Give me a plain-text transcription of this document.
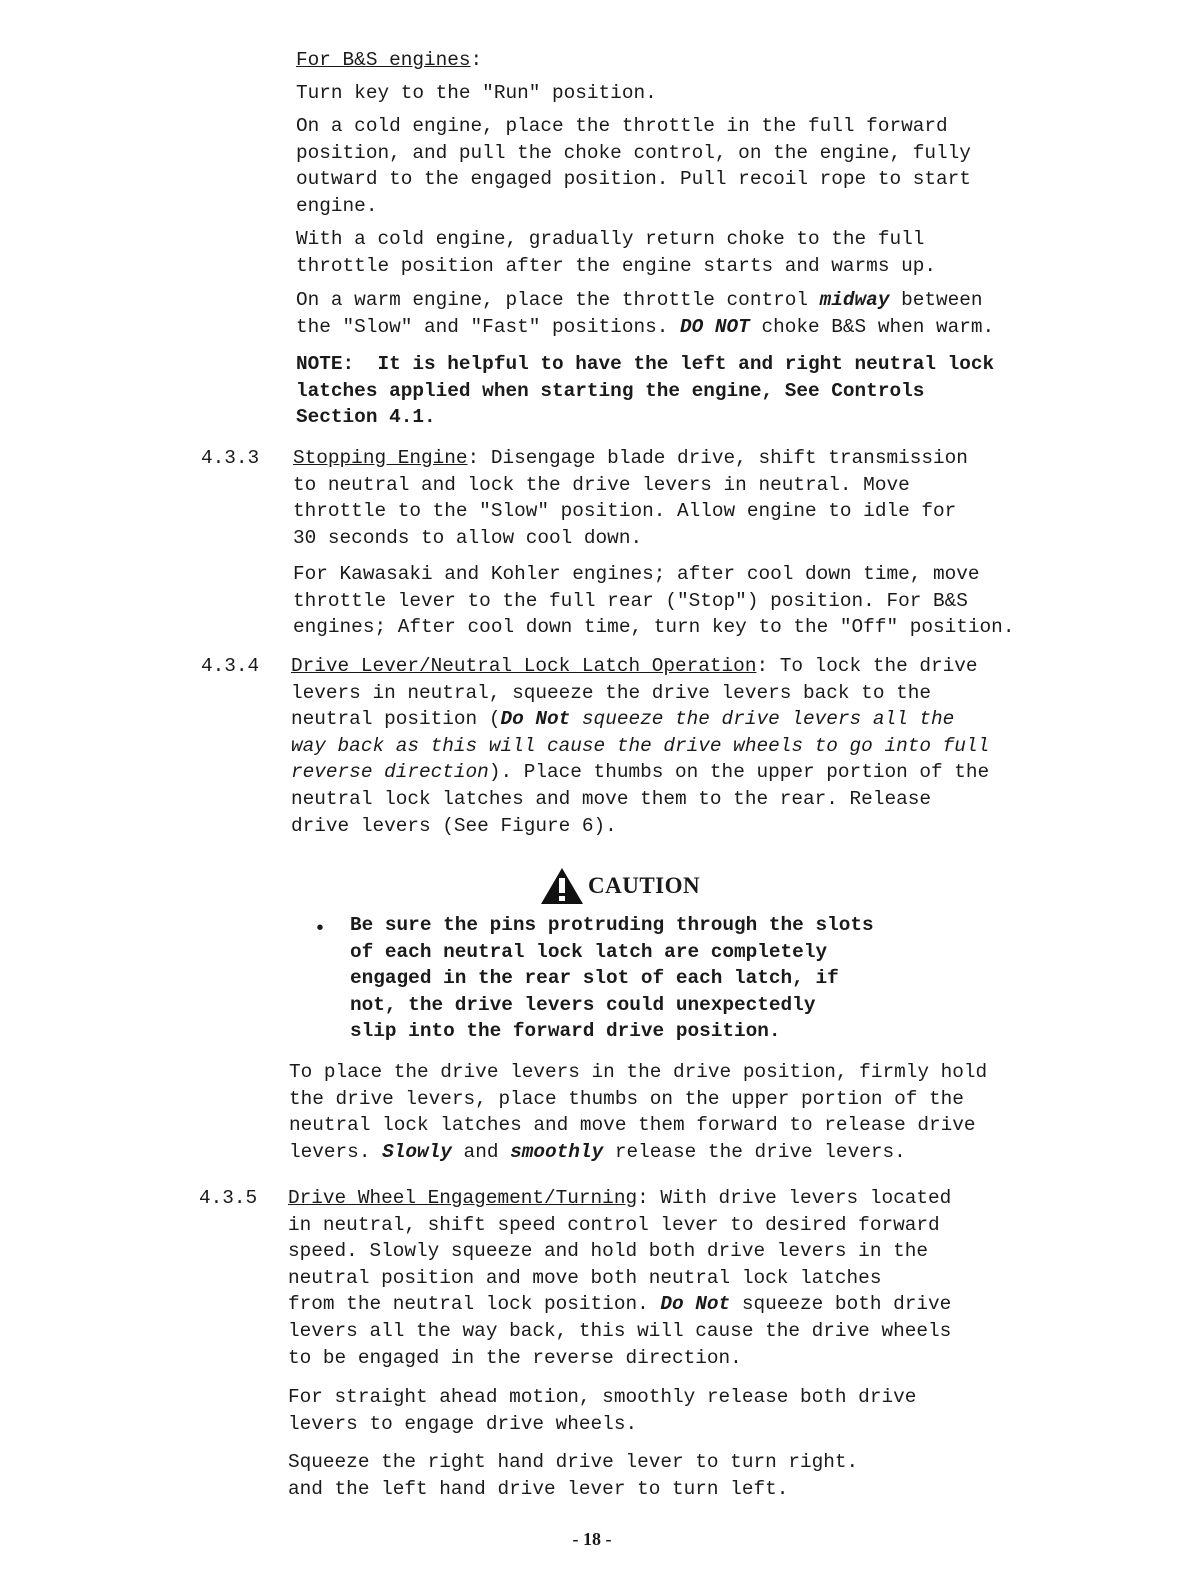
For B&S engines:
Turn key to the "Run" position.
On a cold engine, place the throttle in the full forward
position, and pull the choke control, on the engine, fully
outward to the engaged position. Pull recoil rope to start
engine.
With a cold engine, gradually return choke to the full
throttle position after the engine starts and warms up.
On a warm engine, place the throttle control midway between
the "Slow" and "Fast" positions. DO NOT choke B&S when warm.
NOTE:  It is helpful to have the left and right neutral lock
latches applied when starting the engine, See Controls
Section 4.1.
4.3.3 Stopping Engine: Disengage blade drive, shift transmission
to neutral and lock the drive levers in neutral. Move
throttle to the "Slow" position. Allow engine to idle for
30 seconds to allow cool down.
For Kawasaki and Kohler engines; after cool down time, move
throttle lever to the full rear ("Stop") position. For B&S
engines; After cool down time, turn key to the "Off" position.
4.3.4 Drive Lever/Neutral Lock Latch Operation: To lock the drive
levers in neutral, squeeze the drive levers back to the
neutral position (Do Not squeeze the drive levers all the
way back as this will cause the drive wheels to go into full
reverse direction). Place thumbs on the upper portion of the
neutral lock latches and move them to the rear. Release
drive levers (See Figure 6).
CAUTION
• Be sure the pins protruding through the slots
of each neutral lock latch are completely
engaged in the rear slot of each latch, if
not, the drive levers could unexpectedly
slip into the forward drive position.
To place the drive levers in the drive position, firmly hold
the drive levers, place thumbs on the upper portion of the
neutral lock latches and move them forward to release drive
levers. Slowly and smoothly release the drive levers.
4.3.5 Drive Wheel Engagement/Turning: With drive levers located
in neutral, shift speed control lever to desired forward
speed. Slowly squeeze and hold both drive levers in the
neutral position and move both neutral lock latches
from the neutral lock position. Do Not squeeze both drive
levers all the way back, this will cause the drive wheels
to be engaged in the reverse direction.
For straight ahead motion, smoothly release both drive
levers to engage drive wheels.
Squeeze the right hand drive lever to turn right.
and the left hand drive lever to turn left.
- 18 -
